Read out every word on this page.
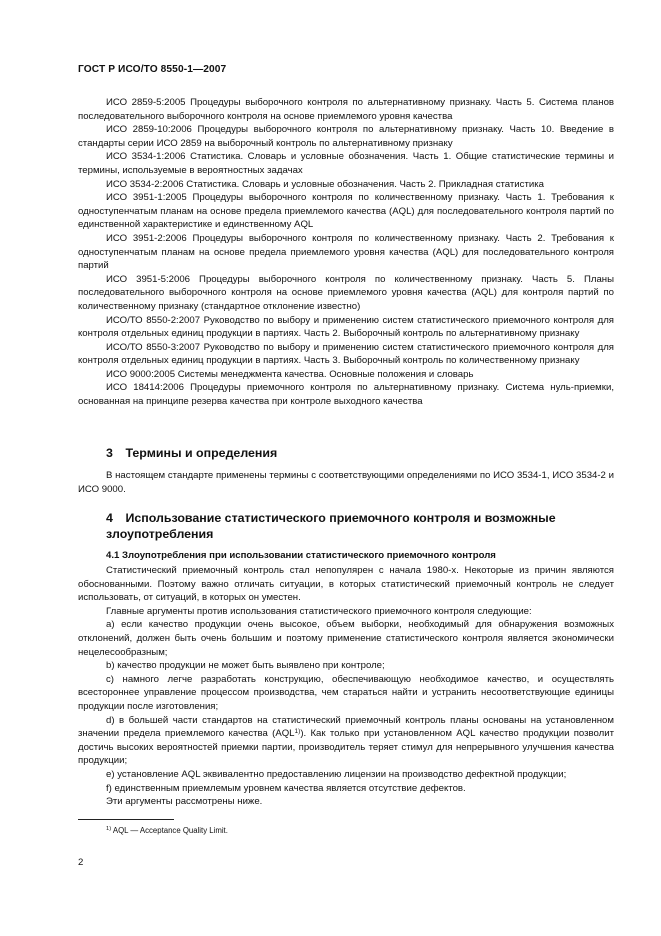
ГОСТ Р ИСО/ТО 8550-1—2007

ИСО 2859-5:2005 Процедуры выборочного контроля по альтернативному признаку. Часть 5. Система планов последовательного выборочного контроля на основе приемлемого уровня качества

ИСО 2859-10:2006 Процедуры выборочного контроля по альтернативному признаку. Часть 10. Введение в стандарты серии ИСО 2859 на выборочный контроль по альтернативному признаку

ИСО 3534-1:2006 Статистика. Словарь и условные обозначения. Часть 1. Общие статистические термины и термины, используемые в вероятностных задачах

ИСО 3534-2:2006 Статистика. Словарь и условные обозначения. Часть 2. Прикладная статистика

ИСО 3951-1:2005 Процедуры выборочного контроля по количественному признаку. Часть 1. Требования к одноступенчатым планам на основе предела приемлемого качества (AQL) для последовательного контроля партий по единственной характеристике и единственному AQL

ИСО 3951-2:2006 Процедуры выборочного контроля по количественному признаку. Часть 2. Требования к одноступенчатым планам на основе предела приемлемого уровня качества (AQL) для последовательного контроля партий

ИСО 3951-5:2006 Процедуры выборочного контроля по количественному признаку. Часть 5. Планы последовательного выборочного контроля на основе приемлемого уровня качества (AQL) для контроля партий по количественному признаку (стандартное отклонение известно)

ИСО/ТО 8550-2:2007 Руководство по выбору и применению систем статистического приемочного контроля для контроля отдельных единиц продукции в партиях. Часть 2. Выборочный контроль по альтернативному признаку

ИСО/ТО 8550-3:2007 Руководство по выбору и применению систем статистического приемочного контроля для контроля отдельных единиц продукции в партиях. Часть 3. Выборочный контроль по количественному признаку

ИСО 9000:2005 Системы менеджмента качества. Основные положения и словарь

ИСО 18414:2006 Процедуры приемочного контроля по альтернативному признаку. Система нуль-приемки, основанная на принципе резерва качества при контроле выходного качества

3 Термины и определения

В настоящем стандарте применены термины с соответствующими определениями по ИСО 3534-1, ИСО 3534-2 и ИСО 9000.

4 Использование статистического приемочного контроля и возможные злоупотребления
4.1 Злоупотребления при использовании статистического приемочного контроля

Статистический приемочный контроль стал непопулярен с начала 1980-х. Некоторые из причин являются обоснованными. Поэтому важно отличать ситуации, в которых статистический приемочный контроль не следует использовать, от ситуаций, в которых он уместен.

Главные аргументы против использования статистического приемочного контроля следующие:

a) если качество продукции очень высокое, объем выборки, необходимый для обнаружения возможных отклонений, должен быть очень большим и поэтому применение статистического контроля является экономически нецелесообразным;

b) качество продукции не может быть выявлено при контроле;

c) намного легче разработать конструкцию, обеспечивающую необходимое качество, и осуществлять всестороннее управление процессом производства, чем стараться найти и устранить несоответствующие единицы продукции после изготовления;

d) в большей части стандартов на статистический приемочный контроль планы основаны на установленном значении предела приемлемого качества (AQL$^{1)}$). Как только при установленном AQL качество продукции позволит достичь высоких вероятностей приемки партии, производитель теряет стимул для непрерывного улучшения качества продукции;

e) установление AQL эквивалентно предоставлению лицензии на производство дефектной продукции;

f) единственным приемлемым уровнем качества является отсутствие дефектов.

Эти аргументы рассмотрены ниже.

$^{1)}$ AQL — Acceptance Quality Limit.
2
